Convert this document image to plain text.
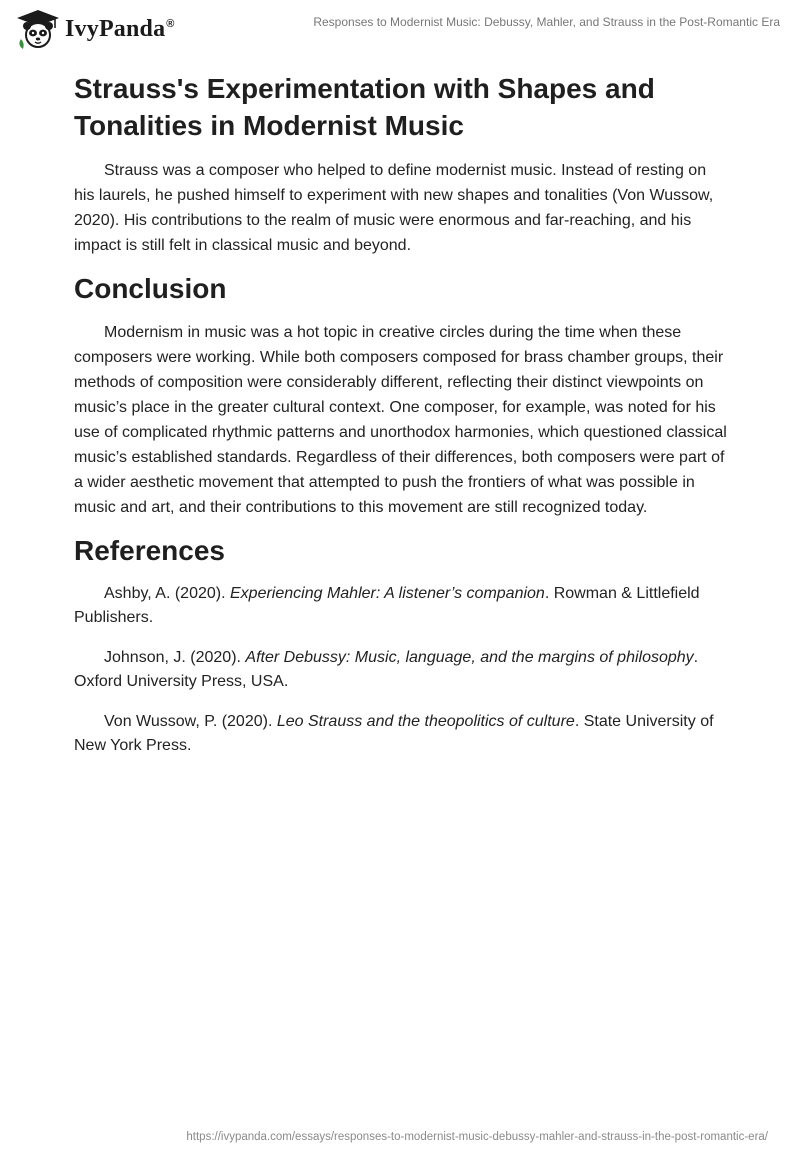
IvyPanda®	Responses to Modernist Music: Debussy, Mahler, and Strauss in the Post-Romantic Era
Strauss's Experimentation with Shapes and Tonalities in Modernist Music

Strauss was a composer who helped to define modernist music. Instead of resting on his laurels, he pushed himself to experiment with new shapes and tonalities (Von Wussow, 2020). His contributions to the realm of music were enormous and far-reaching, and his impact is still felt in classical music and beyond.

Conclusion

Modernism in music was a hot topic in creative circles during the time when these composers were working. While both composers composed for brass chamber groups, their methods of composition were considerably different, reflecting their distinct viewpoints on music’s place in the greater cultural context. One composer, for example, was noted for his use of complicated rhythmic patterns and unorthodox harmonies, which questioned classical music’s established standards. Regardless of their differences, both composers were part of a wider aesthetic movement that attempted to push the frontiers of what was possible in music and art, and their contributions to this movement are still recognized today.

References

Ashby, A. (2020). Experiencing Mahler: A listener’s companion. Rowman & Littlefield Publishers.

Johnson, J. (2020). After Debussy: Music, language, and the margins of philosophy. Oxford University Press, USA.

Von Wussow, P. (2020). Leo Strauss and the theopolitics of culture. State University of New York Press.

https://ivypanda.com/essays/responses-to-modernist-music-debussy-mahler-and-strauss-in-the-post-romantic-era/
